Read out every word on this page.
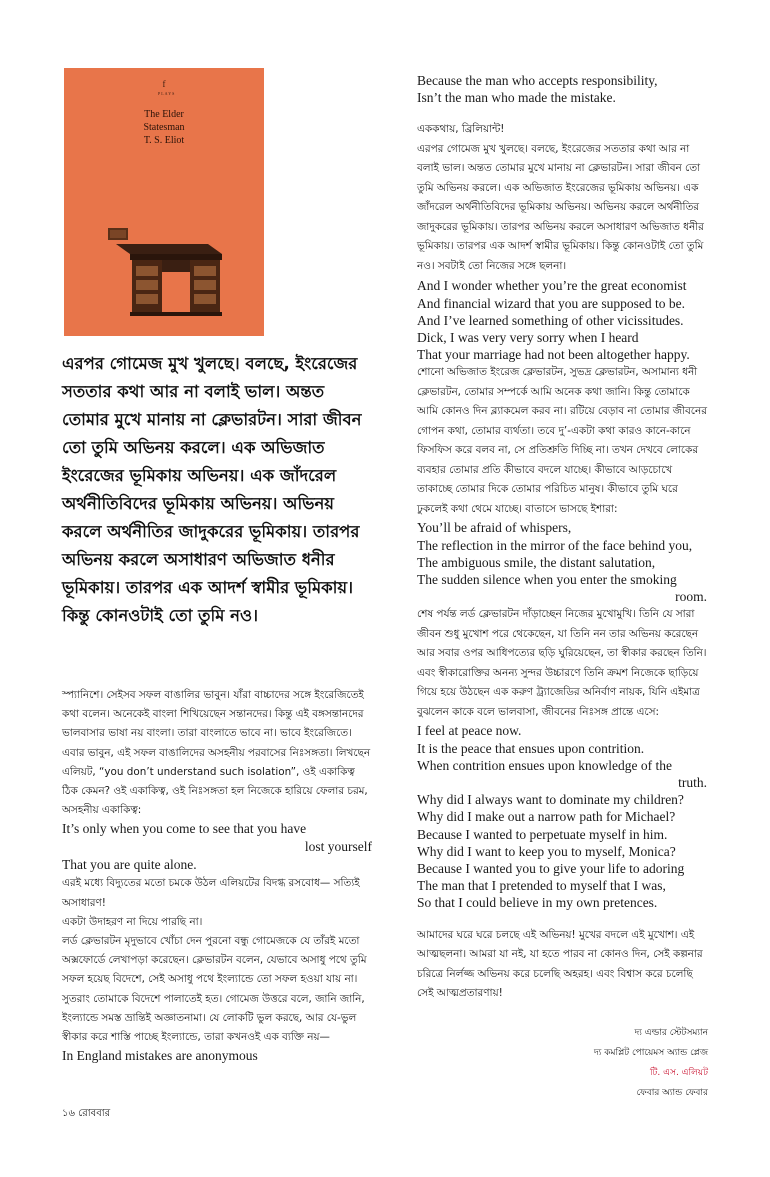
f
PLAYS
The Elder
Statesman
T. S. Eliot
এরপর গোমেজ মুখ খুলছে। বলছে, ইংরেজের সততার কথা আর না বলাই ভাল। অন্তত তোমার মুখে মানায় না ক্লেভারটন। সারা জীবন তো তুমি অভিনয় করলে। এক অভিজাত ইংরেজের ভূমিকায় অভিনয়। এক জাঁদরেল অর্থনীতিবিদের ভূমিকায় অভিনয়। অভিনয় করলে অর্থনীতির জাদুকরের ভূমিকায়। তারপর অভিনয় করলে অসাধারণ অভিজাত ধনীর ভূমিকায়। তারপর এক আদর্শ স্বামীর ভূমিকায়। কিন্তু কোনওটাই তো তুমি নও।

Because the man who accepts responsibility,

Isn’t the man who made the mistake.

এককথায়, ব্রিলিয়ান্ট!

এরপর গোমেজ মুখ খুলছে। বলছে, ইংরেজের সততার কথা আর না বলাই ভাল। অন্তত তোমার মুখে মানায় না ক্লেভারটন। সারা জীবন তো তুমি অভিনয় করলে। এক অভিজাত ইংরেজের ভূমিকায় অভিনয়। এক জাঁদরেল অর্থনীতিবিদের ভূমিকায় অভিনয়। অভিনয় করলে অর্থনীতির জাদুকরের ভূমিকায়। তারপর অভিনয় করলে অসাধারণ অভিজাত ধনীর ভূমিকায়। তারপর এক আদর্শ স্বামীর ভূমিকায়। কিন্তু কোনওটাই তো তুমি নও। সবটাই তো নিজের সঙ্গে ছলনা।

And I wonder whether you’re the great economist

And financial wizard that you are supposed to be.

And I’ve learned something of other vicissitudes.

Dick, I was very very sorry when I heard

That your marriage had not been altogether happy.

শোনো অভিজাত ইংরেজ ক্লেভারটন, সুভদ্র ক্লেভারটন, অসামান্য ধনী ক্লেভারটন, তোমার সম্পর্কে আমি অনেক কথা জানি। কিন্তু তোমাকে আমি কোনও দিন ব্ল্যাকমেল করব না। রটিয়ে বেড়াব না তোমার জীবনের গোপন কথা, তোমার ব্যর্থতা। তবে দু’-একটা কথা কারও কানে-কানে ফিসফিস করে বলব না, সে প্রতিশ্রুতি দিচ্ছি না। তখন দেখবে লোকের ব্যবহার তোমার প্রতি কীভাবে বদলে যাচ্ছে। কীভাবে আড়চোখে তাকাচ্ছে তোমার দিকে তোমার পরিচিত মানুষ। কীভাবে তুমি ঘরে ঢুকলেই কথা থেমে যাচ্ছে। বাতাসে ভাসছে ইশারা:

You’ll be afraid of whispers,

The reflection in the mirror of the face behind you,

The ambiguous smile, the distant salutation,

The sudden silence when you enter the smoking

room.

শেষ পর্যন্ত লর্ড ক্লেভারটন দাঁড়াচ্ছেন নিজের মুখোমুখি। তিনি যে সারা জীবন শুধু মুখোশ পরে থেকেছেন, যা তিনি নন তার অভিনয় করেছেন আর সবার ওপর আধিপত্যের ছড়ি ঘুরিয়েছেন, তা স্বীকার করছেন তিনি। এবং স্বীকারোক্তির অনন্য সুন্দর উচ্চারণে তিনি ক্রমশ নিজেকে ছাড়িয়ে গিয়ে হয়ে উঠছেন এক করুণ ট্র্যাজেডির অনির্বাণ নায়ক, যিনি এইমাত্র বুঝলেন কাকে বলে ভালবাসা, জীবনের নিঃসঙ্গ প্রান্তে এসে:

I feel at peace now.

It is the peace that ensues upon contrition.

When contrition ensues upon knowledge of the

truth.

Why did I always want to dominate my children?

Why did I make out a narrow path for Michael?

Because I wanted to perpetuate myself in him.

Why did I want to keep you to myself, Monica?

Because I wanted you to give your life to adoring

The man that I pretended to myself that I was,

So that I could believe in my own pretences.

আমাদের ঘরে ঘরে চলছে এই অভিনয়! মুখের বদলে এই মুখোশ। এই আত্মছলনা। আমরা যা নই, যা হতে পারব না কোনও দিন, সেই কল্পনার চরিত্রে নির্লজ্জ অভিনয় করে চলেছি অহরহ। এবং বিশ্বাস করে চলেছি সেই আত্মপ্রতারণায়!

স্প্যানিশে। সেইসব সফল বাঙালির ভাবুন। যাঁরা বাচ্চাদের সঙ্গে ইংরেজিতেই কথা বলেন। অনেকেই বাংলা শিখিয়েছেন সন্তানদের। কিন্তু এই বঙ্গসন্তানদের ভালবাসার ভাষা নয় বাংলা। তারা বাংলাতে ভাবে না। ভাবে ইংরেজিতে। এবার ভাবুন, এই সফল বাঙালিদের অসহনীয় পরবাসের নিঃসঙ্গতা। লিখছেন এলিয়ট, “you don’t understand such isolation”, ওই একাকিত্ব ঠিক কেমন? ওই একাকিত্ব, ওই নিঃসঙ্গতা হল নিজেকে হারিয়ে ফেলার চরম, অসহনীয় একাকিত্ব:

It’s only when you come to see that you have

lost yourself

That you are quite alone.

এরই মধ্যে বিদ্যুতের মতো চমকে উঠল এলিয়টের বিদগ্ধ রসবোধ— সত্যিই অসাধারণ!

একটা উদাহরণ না দিয়ে পারছি না।

লর্ড ক্লেভারটন মৃদুভাবে খোঁচা দেন পুরনো বন্ধু গোমেজকে যে তাঁরই মতো অক্সফোর্ডে লেখাপড়া করেছেন। ক্লেভারটন বলেন, যেভাবে অসাধু পথে তুমি সফল হয়েছ বিদেশে, সেই অসাধু পথে ইংল্যান্ডে তো সফল হওয়া যায় না। সুতরাং তোমাকে বিদেশে পালাতেই হত। গোমেজ উত্তরে বলে, জানি জানি, ইংল্যান্ডে সমস্ত ভ্রান্তিই অজ্ঞাতনামা। যে লোকটি ভুল করছে, আর যে-ভুল স্বীকার করে শাস্তি পাচ্ছে ইংল্যান্ডে, তারা কখনওই এক ব্যক্তি নয়—

In England mistakes are anonymous

দ্য এল্ডার স্টেটসম্যান
দ্য কমপ্লিট পোয়েমস অ্যান্ড প্লেজ
টি. এস. এলিয়ট
ফেবার অ্যান্ড ফেবার
১৬ রোববার
